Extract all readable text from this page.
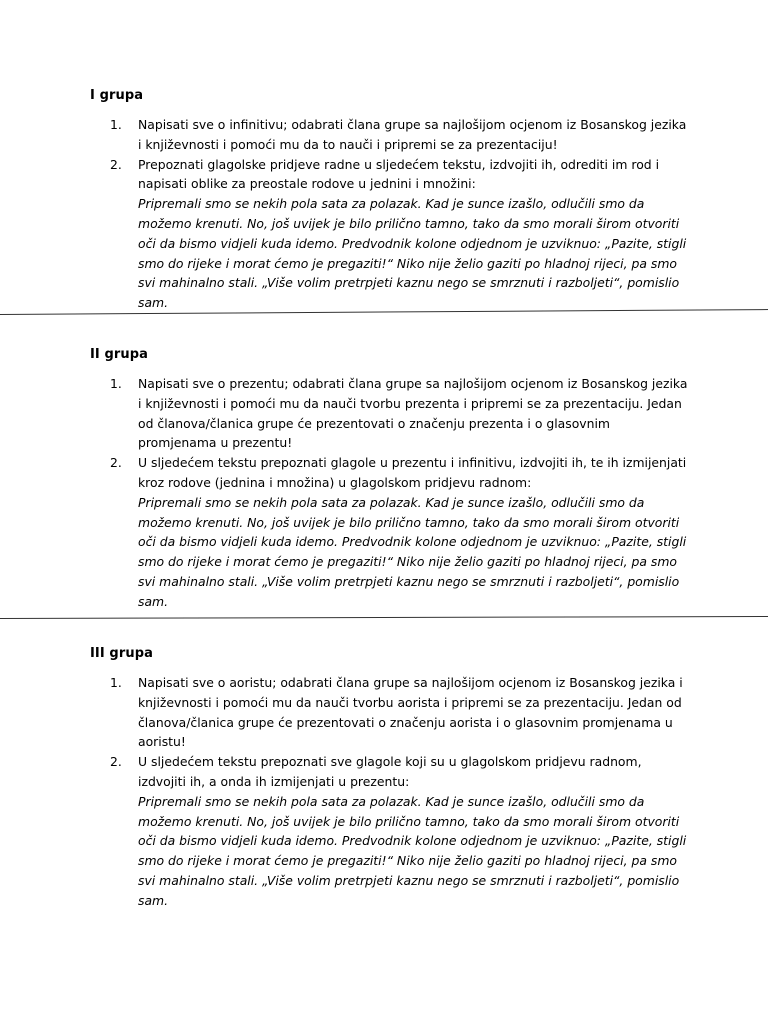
I grupa
1. Napisati sve o infinitivu; odabrati člana grupe sa najlošijom ocjenom iz Bosanskog jezika i književnosti i pomoći mu da to nauči i pripremi se za prezentaciju!
2. Prepoznati glagolske pridjeve radne u sljedećem tekstu, izdvojiti ih, odrediti im rod i napisati oblike za preostale rodove u jednini i množini:
Pripremali smo se nekih pola sata za polazak. Kad je sunce izašlo, odlučili smo da možemo krenuti. No, još uvijek je bilo prilično tamno, tako da smo morali širom otvoriti oči da bismo vidjeli kuda idemo. Predvodnik kolone odjednom je uzviknuo: „Pazite, stigli smo do rijeke i morat ćemo je pregaziti!“ Niko nije želio gaziti po hladnoj rijeci, pa smo svi mahinalno stali. „Više volim pretrpjeti kaznu nego se smrznuti i razboljeti“, pomislio sam.
II grupa
1. Napisati sve o prezentu; odabrati člana grupe sa najlošijom ocjenom iz Bosanskog jezika i književnosti i pomoći mu da nauči tvorbu prezenta i pripremi se za prezentaciju. Jedan od članova/članica grupe će prezentovati o značenju prezenta i o glasovnim promjenama u prezentu!
2. U sljedećem tekstu prepoznati glagole u prezentu i infinitivu, izdvojiti ih, te ih izmijenjati kroz rodove (jednina i množina) u glagolskom pridjevu radnom:
Pripremali smo se nekih pola sata za polazak. Kad je sunce izašlo, odlučili smo da možemo krenuti. No, još uvijek je bilo prilično tamno, tako da smo morali širom otvoriti oči da bismo vidjeli kuda idemo. Predvodnik kolone odjednom je uzviknuo: „Pazite, stigli smo do rijeke i morat ćemo je pregaziti!“ Niko nije želio gaziti po hladnoj rijeci, pa smo svi mahinalno stali. „Više volim pretrpjeti kaznu nego se smrznuti i razboljeti“, pomislio sam.
III grupa
1. Napisati sve o aoristu; odabrati člana grupe sa najlošijom ocjenom iz Bosanskog jezika i književnosti i pomoći mu da nauči tvorbu aorista i pripremi se za prezentaciju. Jedan od članova/članica grupe će prezentovati o značenju aorista i o glasovnim promjenama u aoristu!
2. U sljedećem tekstu prepoznati sve glagole koji su u glagolskom pridjevu radnom, izdvojiti ih, a onda ih izmijenjati u prezentu:
Pripremali smo se nekih pola sata za polazak. Kad je sunce izašlo, odlučili smo da možemo krenuti. No, još uvijek je bilo prilično tamno, tako da smo morali širom otvoriti oči da bismo vidjeli kuda idemo. Predvodnik kolone odjednom je uzviknuo: „Pazite, stigli smo do rijeke i morat ćemo je pregaziti!“ Niko nije želio gaziti po hladnoj rijeci, pa smo svi mahinalno stali. „Više volim pretrpjeti kaznu nego se smrznuti i razboljeti“, pomislio sam.
